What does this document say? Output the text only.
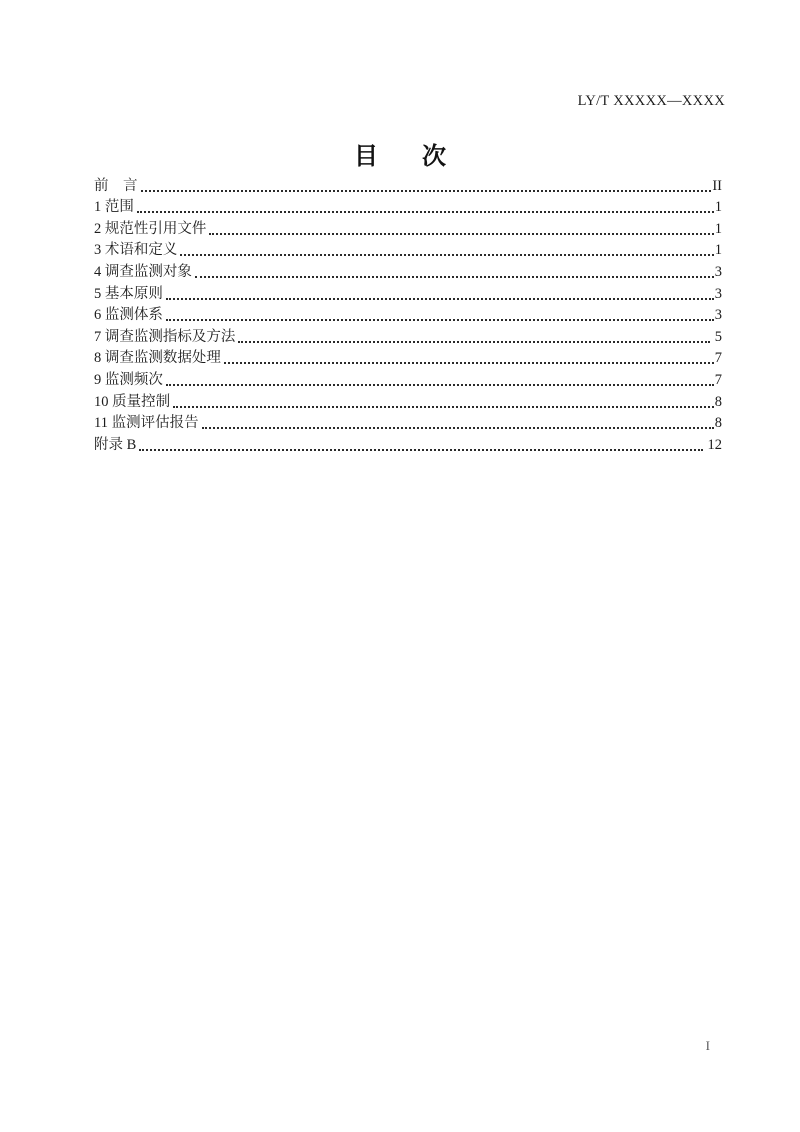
LY/T XXXXX—XXXX
目　次
前　言	II
1 范围	1
2 规范性引用文件	1
3 术语和定义	1
4 调查监测对象	3
5 基本原则	3
6 监测体系	3
7 调查监测指标及方法	5
8 调查监测数据处理	7
9 监测频次	7
10 质量控制	8
11 监测评估报告	8
附录 B	12
I
